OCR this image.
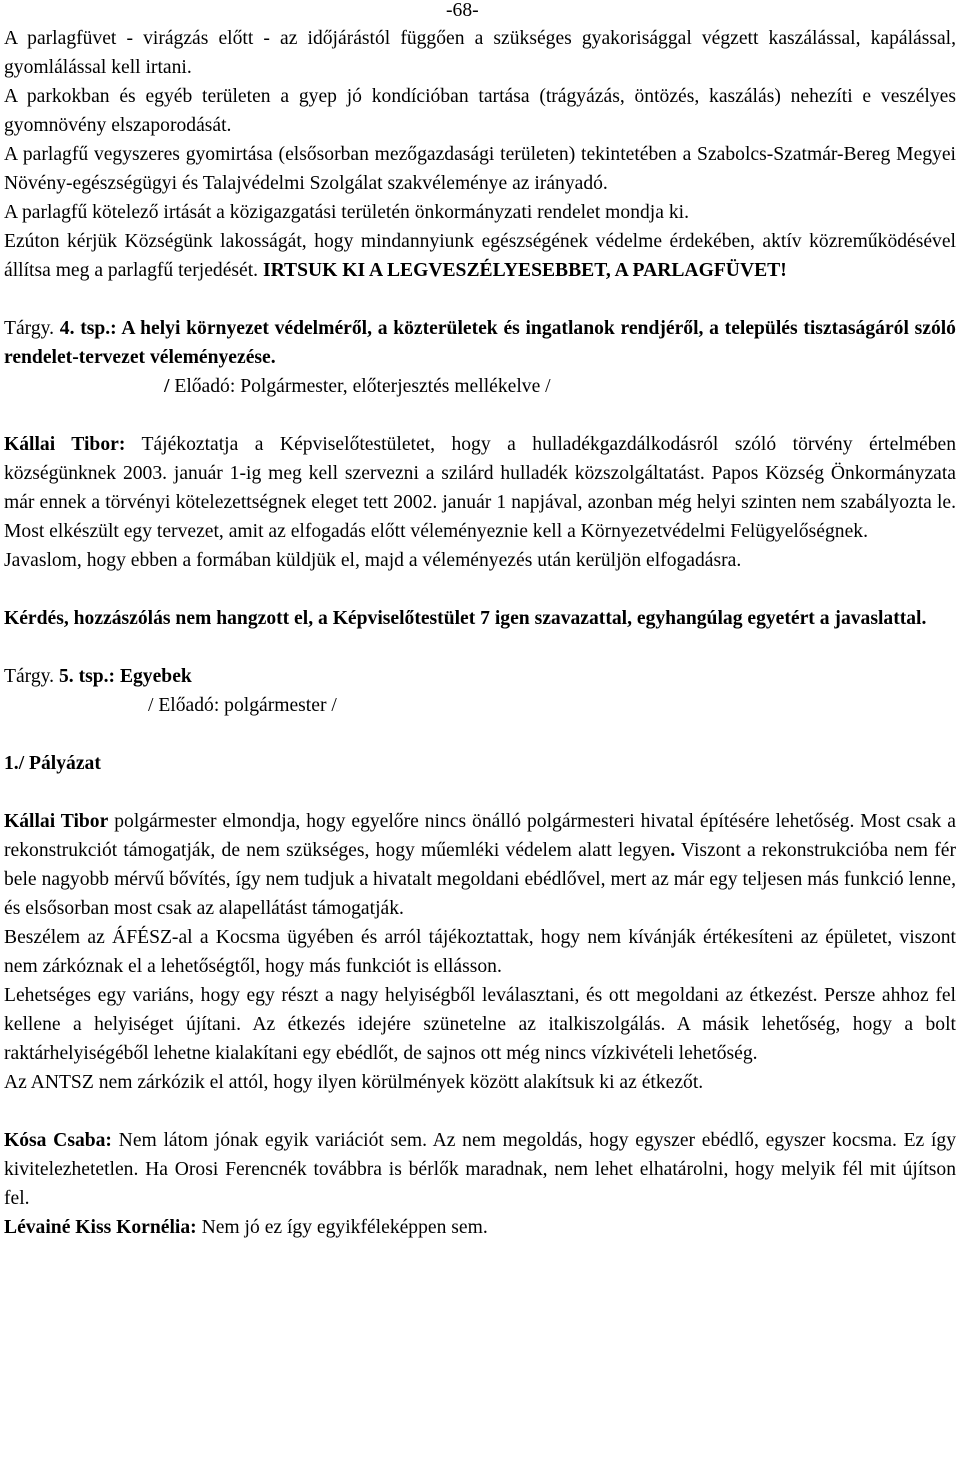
-68-

A parlagfüvet - virágzás előtt - az időjárástól függően a szükséges gyakorisággal végzett kaszálással, kapálással, gyomlálással kell irtani.

A parkokban és egyéb területen a gyep jó kondícióban tartása (trágyázás, öntözés, kaszálás) nehezíti e veszélyes gyomnövény elszaporodását.

A parlagfű vegyszeres gyomirtása (elsősorban mezőgazdasági területen) tekintetében a Szabolcs-Szatmár-Bereg Megyei Növény-egészségügyi és Talajvédelmi Szolgálat szakvéleménye az irányadó.

A parlagfű kötelező irtását a közigazgatási területén önkormányzati rendelet mondja ki.

Ezúton kérjük Községünk lakosságát, hogy mindannyiunk egészségének védelme érdekében, aktív közreműködésével állítsa meg a parlagfű terjedését. IRTSUK KI A LEGVESZÉLYESEBBET, A PARLAGFÜVET!

Tárgy. 4. tsp.: A helyi környezet védelméről, a közterületek és ingatlanok rendjéről, a település tisztaságáról szóló rendelet-tervezet véleményezése.

/ Előadó: Polgármester, előterjesztés mellékelve /

Kállai Tibor: Tájékoztatja a Képviselőtestületet, hogy a hulladékgazdálkodásról szóló törvény értelmében községünknek 2003. január 1-ig meg kell szervezni a szilárd hulladék közszolgáltatást. Papos Község Önkormányzata már ennek a törvényi kötelezettségnek eleget tett 2002. január 1 napjával, azonban még helyi szinten nem szabályozta le. Most elkészült egy tervezet, amit az elfogadás előtt véleményeznie kell a Környezetvédelmi Felügyelőségnek.

Javaslom, hogy ebben a formában küldjük el, majd a véleményezés után kerüljön elfogadásra.

Kérdés, hozzászólás nem hangzott el, a Képviselőtestület 7 igen szavazattal, egyhangúlag egyetért a javaslattal.

Tárgy. 5. tsp.: Egyebek

/ Előadó: polgármester /

1./ Pályázat

Kállai Tibor polgármester elmondja, hogy egyelőre nincs önálló polgármesteri hivatal építésére lehetőség. Most csak a rekonstrukciót támogatják, de nem szükséges, hogy műemléki védelem alatt legyen. Viszont a rekonstrukcióba nem fér bele nagyobb mérvű bővítés, így nem tudjuk a hivatalt megoldani ebédlővel, mert az már egy teljesen más funkció lenne, és elsősorban most csak az alapellátást támogatják.

Beszélem az ÁFÉSZ-al a Kocsma ügyében és arról tájékoztattak, hogy nem kívánják értékesíteni az épületet, viszont nem zárkóznak el a lehetőségtől, hogy más funkciót is ellásson.

Lehetséges egy variáns, hogy egy részt a nagy helyiségből leválasztani, és ott megoldani az étkezést. Persze ahhoz fel kellene a helyiséget újítani. Az étkezés idejére szünetelne az italkiszolgálás. A másik lehetőség, hogy a bolt raktárhelyiségéből lehetne kialakítani egy ebédlőt, de sajnos ott még nincs vízkivételi lehetőség.

Az ANTSZ nem zárkózik el attól, hogy ilyen körülmények között alakítsuk ki az étkezőt.

Kósa Csaba: Nem látom jónak egyik variációt sem. Az nem megoldás, hogy egyszer ebédlő, egyszer kocsma. Ez így kivitelezhetetlen. Ha Orosi Ferencnék továbbra is bérlők maradnak, nem lehet elhatárolni, hogy melyik fél mit újítson fel.

Lévainé Kiss Kornélia: Nem jó ez így egyikféleképpen sem.
